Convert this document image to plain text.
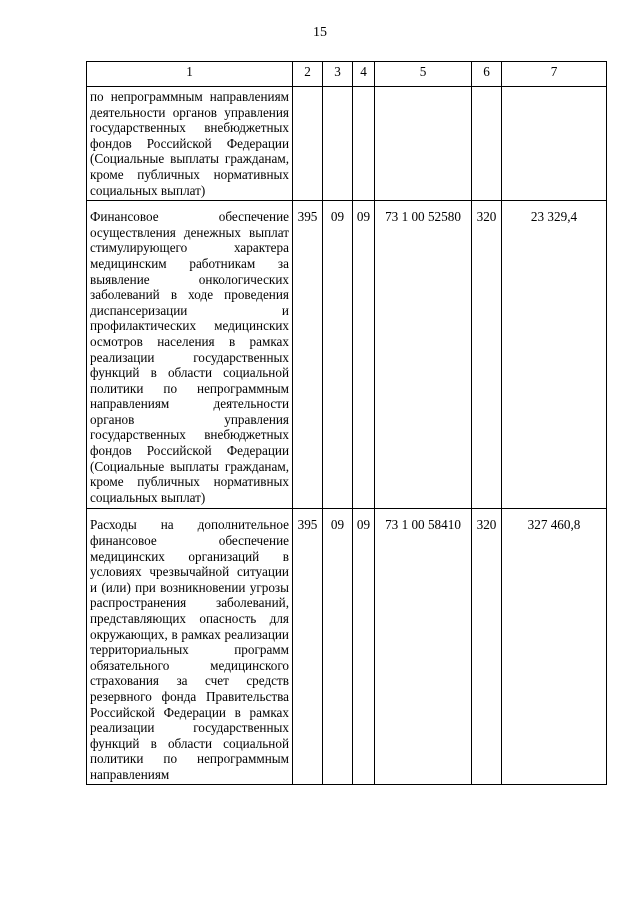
15
1	2	3	4	5	6	7
по непрограммным направлениям деятельности органов управления государственных внебюджетных фондов Российской Федерации (Социальные выплаты гражданам, кроме публичных нормативных социальных выплат)						
Финансовое обеспечение осуществления денежных выплат стимулирующего характера медицинским работникам за выявление онкологических заболеваний в ходе проведения диспансеризации и профилактических медицинских осмотров населения в рамках реализации государственных функций в области социальной политики по непрограммным направлениям деятельности органов управления государственных внебюджетных фондов Российской Федерации (Социальные выплаты гражданам, кроме публичных нормативных социальных выплат)	395	09	09	73 1 00 52580	320	23 329,4
Расходы на дополнительное финансовое обеспечение медицинских организаций в условиях чрезвычайной ситуации и (или) при возникновении угрозы распространения заболеваний, представляющих опасность для окружающих, в рамках реализации территориальных программ обязательного медицинского страхования за счет средств резервного фонда Правительства Российской Федерации в рамках реализации государственных функций в области социальной политики по непрограммным направлениям	395	09	09	73 1 00 58410	320	327 460,8
